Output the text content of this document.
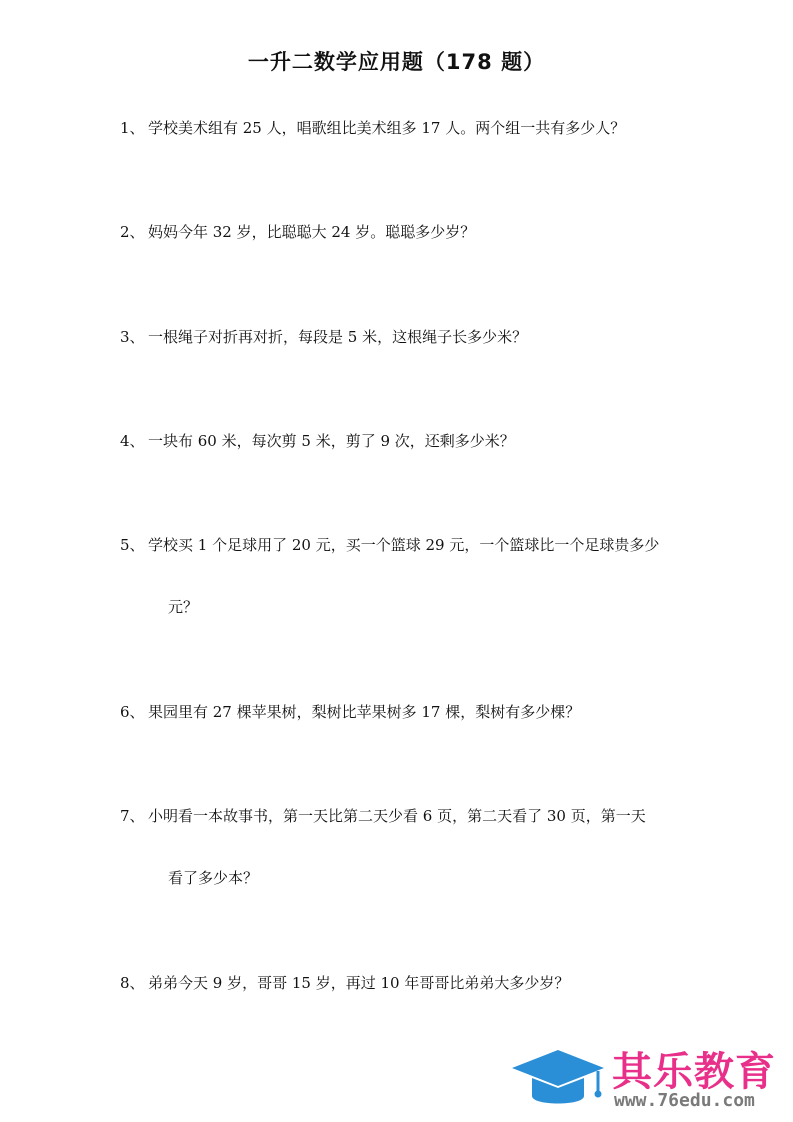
一升二数学应用题（178 题）
1、 学校美术组有 25 人，唱歌组比美术组多 17 人。两个组一共有多少人？
2、 妈妈今年 32 岁，比聪聪大 24 岁。聪聪多少岁？
3、 一根绳子对折再对折，每段是 5 米，这根绳子长多少米？
4、 一块布 60 米，每次剪 5 米，剪了 9 次，还剩多少米？
5、 学校买 1 个足球用了 20 元，买一个篮球 29 元，一个篮球比一个足球贵多少
元？
6、 果园里有 27 棵苹果树，梨树比苹果树多 17 棵，梨树有多少棵？
7、 小明看一本故事书，第一天比第二天少看 6 页，第二天看了 30 页，第一天
看了多少本？
8、 弟弟今天 9 岁，哥哥 15 岁，再过 10 年哥哥比弟弟大多少岁？
其乐教育
www.76edu.com
